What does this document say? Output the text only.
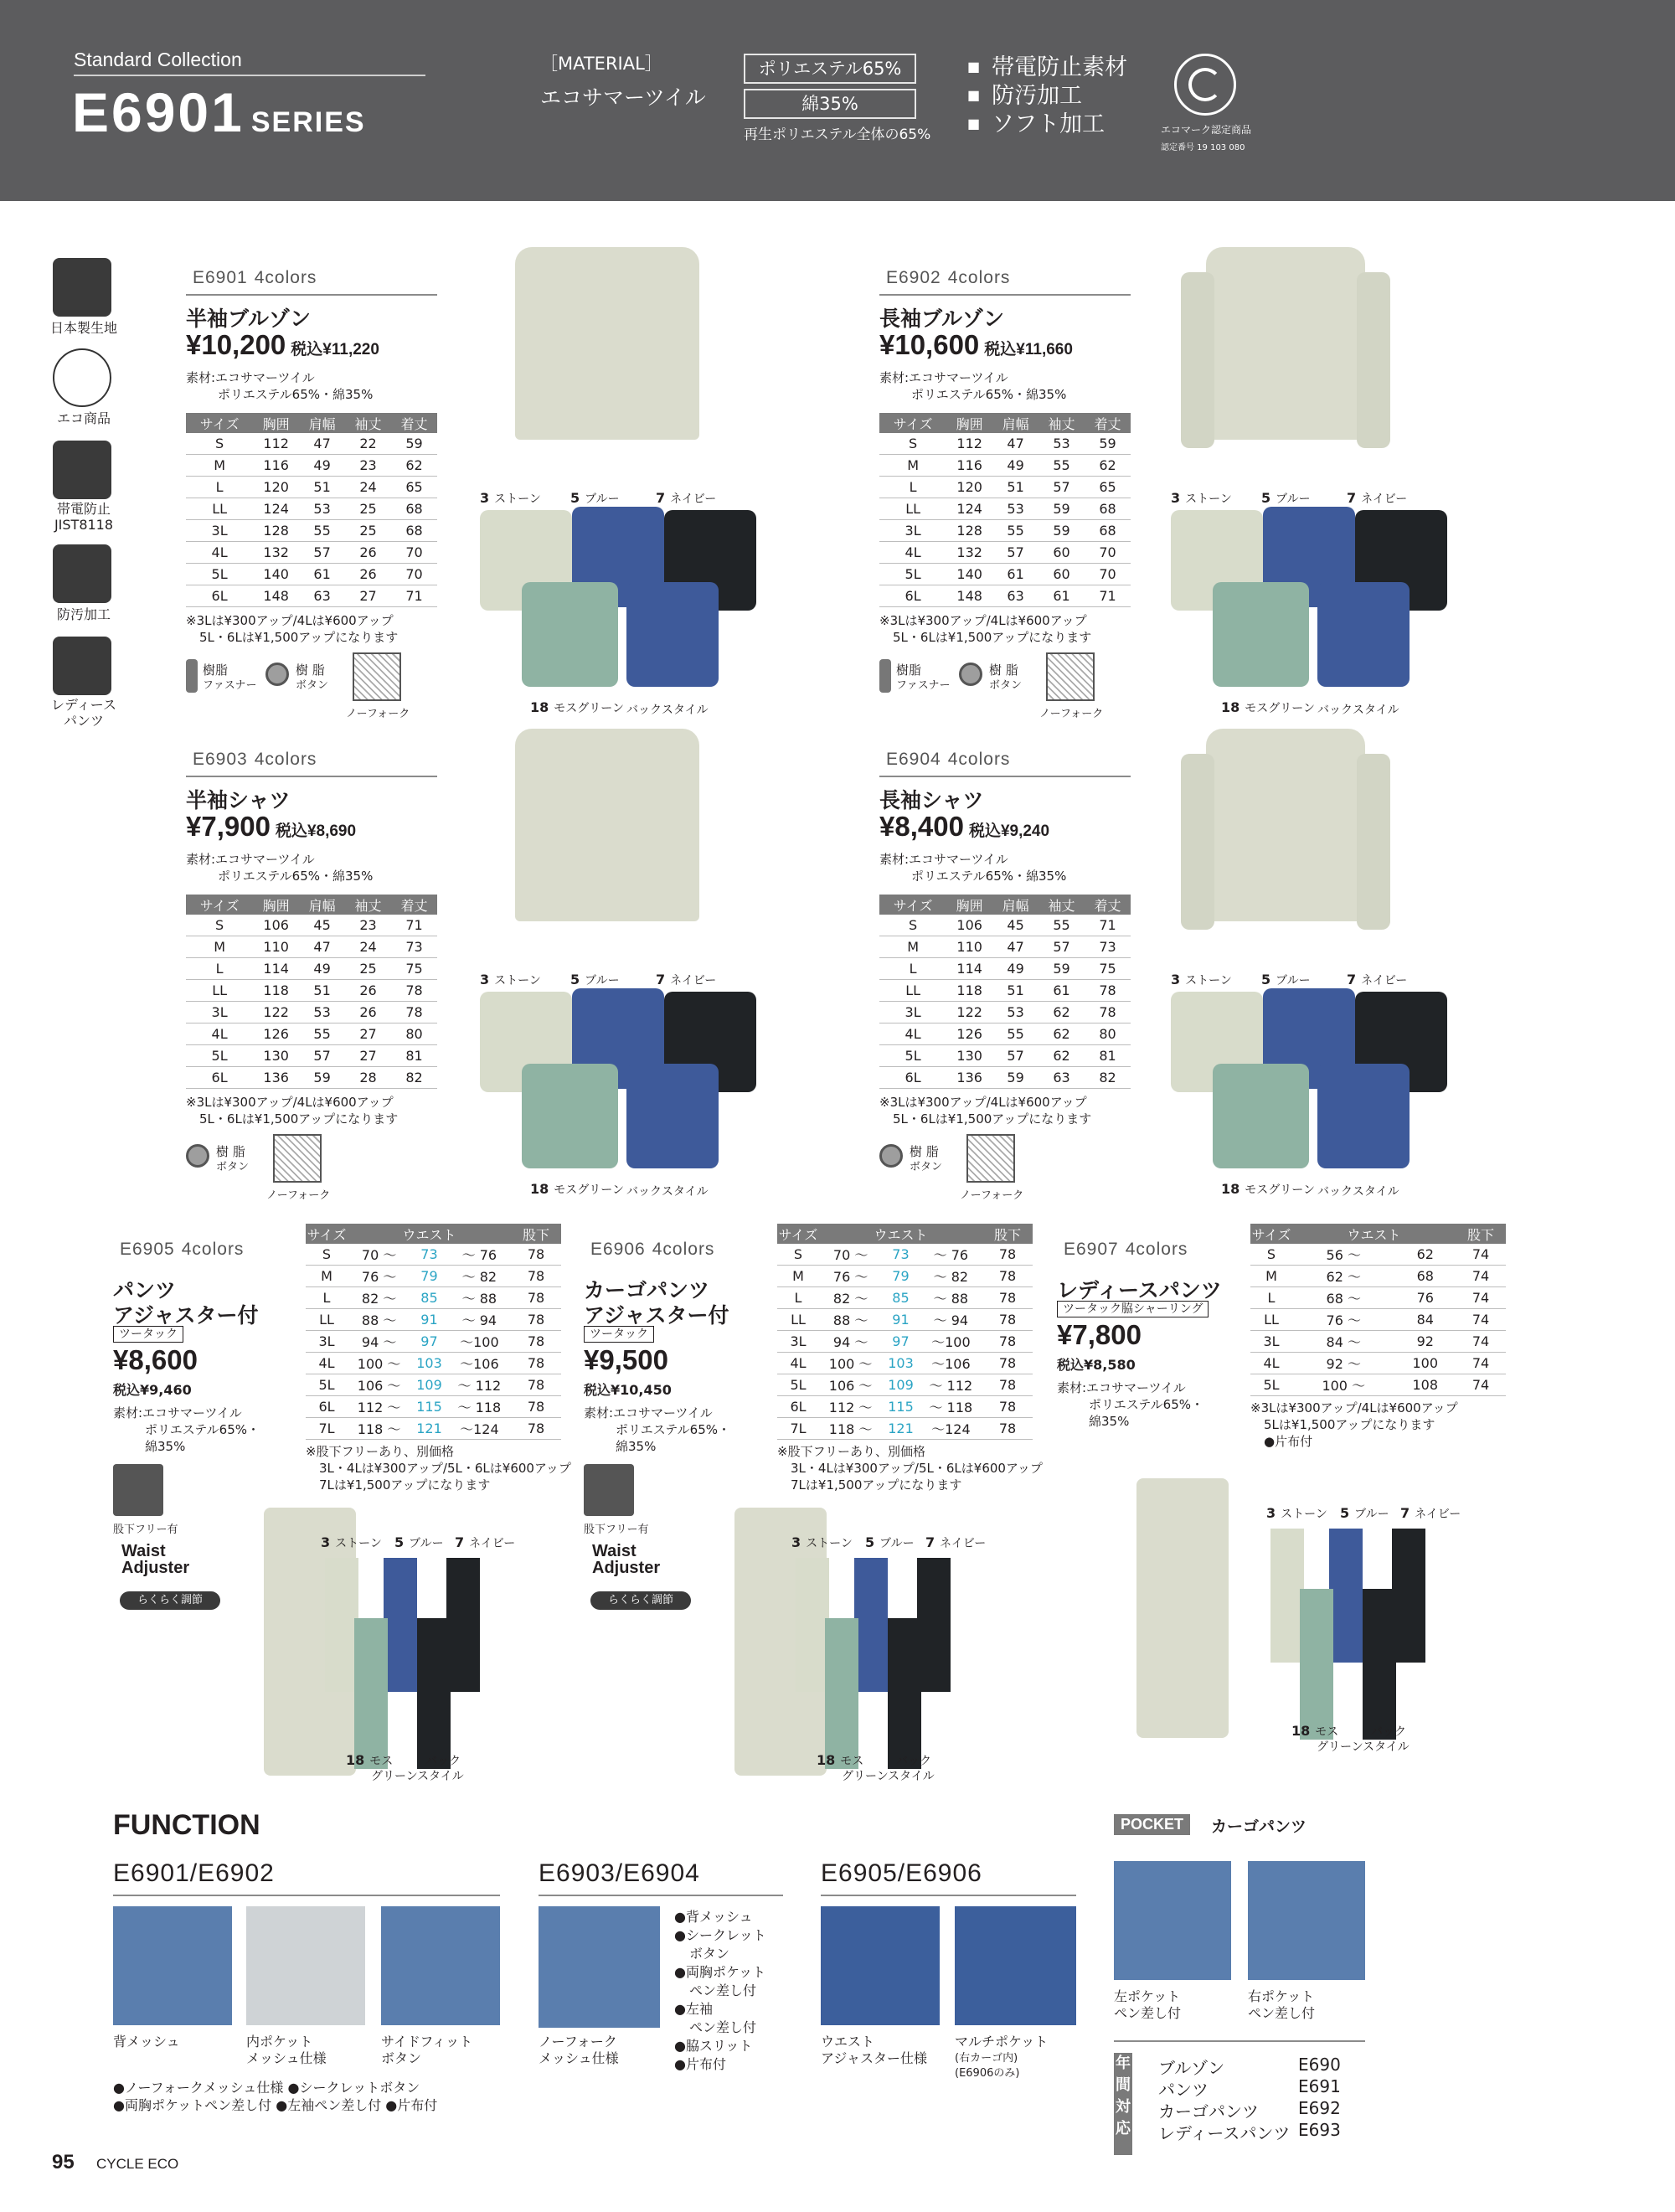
Standard Collection
E6901 SERIES
［MATERIAL］
エコサマーツイル
ポリエステル65%
綿35%
再生ポリエステル全体の65%
■ 帯電防止素材
■ 防汚加工
■ ソフト加工	エコマーク認定商品
認定番号 19 103 080
日本製生地
エコ商品
帯電防止
JIST8118
防汚加工
レディース
パンツ
FUNCTION
E6901/E6902
背メッシュ	内ポケット
メッシュ仕様
サイドフィット
ボタン
●ノーフォークメッシュ仕様 ●シークレットボタン
●両胸ポケットペン差し付 ●左袖ペン差し付 ●片布付
E6903/E6904
ノーフォーク
メッシュ仕様
E6905/E6906
ウエスト
アジャスター仕様
マルチポケット
(右カーゴ内)
(E6906のみ)
POCKET	カーゴパンツ
左ポケット
ペン差し付
右ポケット
ペン差し付
年間対応
ブルゾン	E690
パンツ	E691
カーゴパンツ E692
レディースパンツ E693
95 CYCLE ECO
E6901 4colors
半袖ブルゾン
¥10,200 税込¥11,220
素材:エコサマーツイル
ポリエステル65%・綿35%
サイズ	胸囲	肩幅	袖丈	着丈
S	112	47	22	59
M	116	49	23	62
L	120	51	24	65
LL	124	53	25	68
3L	128	55	25	68
4L	132	57	26	70
5L	140	61	26	70
6L	148	63	27	71
※3Lは¥300アップ/4Lは¥600アップ
5L・6Lは¥1,500アップになります
樹脂
ファスナー
樹 脂
ボタン
ノーフォーク
3 ストーン 5 ブルー	7 ネイビー
18 モスグリーン バックスタイル
E6902 4colors
長袖ブルゾン
¥10,600 税込¥11,660
素材:エコサマーツイル
ポリエステル65%・綿35%
サイズ	胸囲	肩幅	袖丈	着丈
S	112	47	53	59
M	116	49	55	62
L	120	51	57	65
LL	124	53	59	68
3L	128	55	59	68
4L	132	57	60	70
5L	140	61	60	70
6L	148	63	61	71
※3Lは¥300アップ/4Lは¥600アップ
5L・6Lは¥1,500アップになります
樹脂
ファスナー
樹 脂
ボタン
ノーフォーク
3 ストーン 5 ブルー	7 ネイビー
18 モスグリーン バックスタイル
E6903 4colors
半袖シャツ
¥7,900 税込¥8,690
素材:エコサマーツイル
ポリエステル65%・綿35%
サイズ	胸囲	肩幅	袖丈	着丈
S	106	45	23	71
M	110	47	24	73
L	114	49	25	75
LL	118	51	26	78
3L	122	53	26	78
4L	126	55	27	80
5L	130	57	27	81
6L	136	59	28	82
※3Lは¥300アップ/4Lは¥600アップ
5L・6Lは¥1,500アップになります
樹 脂
ボタン
ノーフォーク
3 ストーン 5 ブルー	7 ネイビー
18 モスグリーン バックスタイル
E6904 4colors
長袖シャツ
¥8,400 税込¥9,240
素材:エコサマーツイル
ポリエステル65%・綿35%
サイズ	胸囲	肩幅	袖丈	着丈
S	106	45	55	71
M	110	47	57	73
L	114	49	59	75
LL	118	51	61	78
3L	122	53	62	78
4L	126	55	62	80
5L	130	57	62	81
6L	136	59	63	82
※3Lは¥300アップ/4Lは¥600アップ
5L・6Lは¥1,500アップになります
樹 脂
ボタン
ノーフォーク
3 ストーン 5 ブルー	7 ネイビー
18 モスグリーン バックスタイル
E6905 4colors
パンツ
アジャスター付
ツータック
¥8,600
税込¥9,460
素材:エコサマーツイル
ポリエステル65%・
綿35%
サイズ	ウエスト			股下
S	70 ～	73	～ 76	78
M	76 ～	79	～ 82	78
L	82 ～	85	～ 88	78
LL	88 ～	91	～ 94	78
3L	94 ～	97	～100	78
4L	100 ～	103	～106	78
5L	106 ～	109	～ 112	78
6L	112 ～	115	～ 118	78
7L	118 ～	121	～124	78
※股下フリーあり、別価格
3L・4Lは¥300アップ/5L・6Lは¥600アップ
7Lは¥1,500アップになります
股下フリー有
Waist
Adjuster
らくらく調節
3 ストーン 5 ブルー 7 ネイビー
18 モス
グリーン
バック
スタイル
E6906 4colors
カーゴパンツ
アジャスター付
ツータック
¥9,500
税込¥10,450
素材:エコサマーツイル
ポリエステル65%・
綿35%
サイズ	ウエスト			股下
S	70 ～	73	～ 76	78
M	76 ～	79	～ 82	78
L	82 ～	85	～ 88	78
LL	88 ～	91	～ 94	78
3L	94 ～	97	～100	78
4L	100 ～	103	～106	78
5L	106 ～	109	～ 112	78
6L	112 ～	115	～ 118	78
7L	118 ～	121	～124	78
※股下フリーあり、別価格
3L・4Lは¥300アップ/5L・6Lは¥600アップ
7Lは¥1,500アップになります
股下フリー有
Waist
Adjuster
らくらく調節
3 ストーン 5 ブルー 7 ネイビー
18 モス
グリーン
バック
スタイル
E6907 4colors
レディースパンツ
ツータック脇シャーリング
¥7,800
税込¥8,580
素材:エコサマーツイル
ポリエステル65%・
綿35%
サイズ	ウエスト		股下
S	56 ～		62	74
M	62 ～		68	74
L	68 ～		76	74
LL	76 ～		84	74
3L	84 ～		92	74
4L	92 ～		100	74
5L	100 ～		108	74
※3Lは¥300アップ/4Lは¥600アップ
5Lは¥1,500アップになります
●片布付
3 ストーン 5 ブルー 7 ネイビー
18 モス
グリーン
バック
スタイル
●背メッシュ
●シークレット
ボタン
●両胸ポケット
ペン差し付
●左袖
ペン差し付
●脇スリット
●片布付
